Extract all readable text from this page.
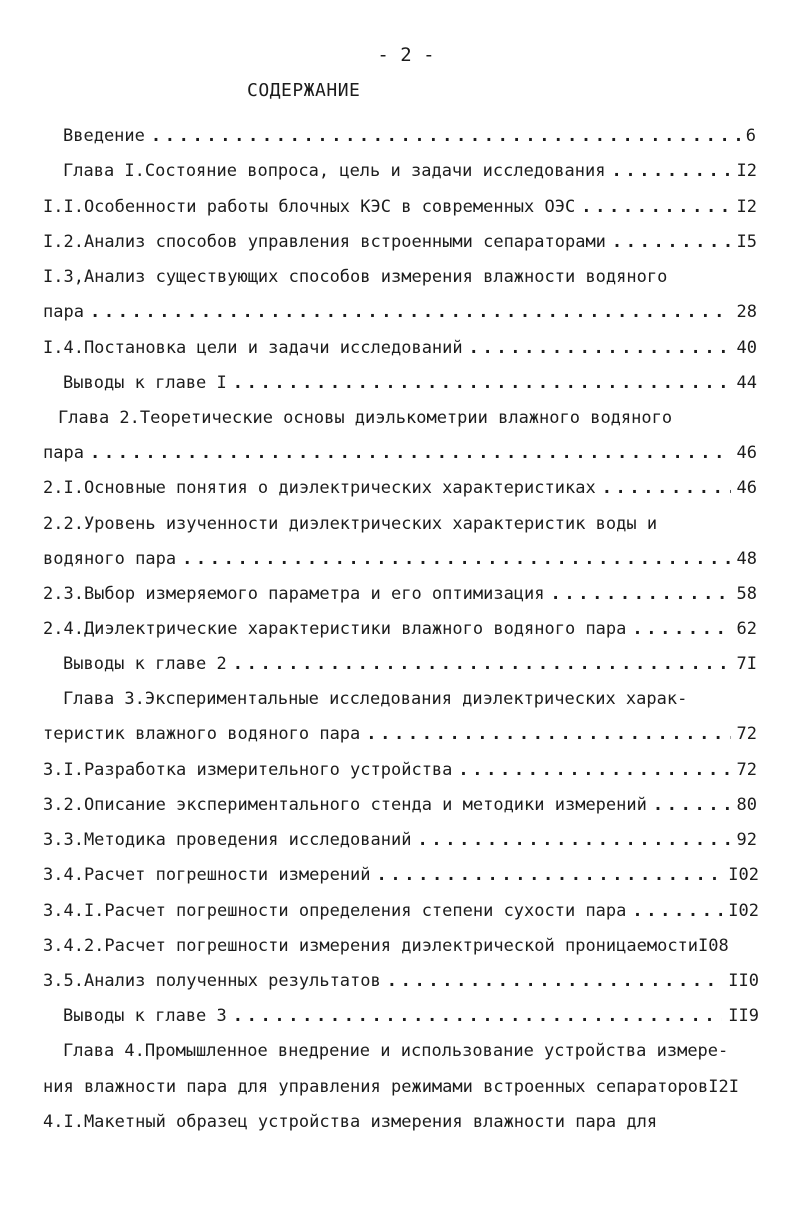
- 2 -
СОДЕРЖАНИЕ
Введение . . .	6
Глава I.Состояние вопроса, цель и задачи исследования . . .	I2
I.I.Особенности работы блочных КЭС в современных ОЭС . . .	I2
I.2.Анализ способов управления встроенными сепараторами . . .	I5
I.3,Анализ существующих способов измерения влажности водяного
пара . . .	28
I.4.Постановка цели и задачи исследований . . .	40
Выводы к главе I . . .	44
Глава 2.Теоретические основы диэлькометрии влажного водяного
пара . . .	46
2.I.Основные понятия о диэлектрических характеристиках . . .	46
2.2.Уровень изученности диэлектрических характеристик воды и
водяного пара . . .	48
2.3.Выбор измеряемого параметра и его оптимизация . . .	58
2.4.Диэлектрические характеристики влажного водяного пара . . .	62
Выводы к главе 2 . . .	7I
Глава 3.Экспериментальные исследования диэлектрических харак-
теристик влажного водяного пара . . .	72
3.I.Разработка измерительного устройства . . .	72
3.2.Описание экспериментального стенда и методики измерений . . .	80
3.3.Методика проведения исследований . . .	92
3.4.Расчет погрешности измерений . . .	I02
3.4.I.Расчет погрешности определения степени сухости пара . . .	I02
3.4.2.Расчет погрешности измерения диэлектрической проницаемостиI08
3.5.Анализ полученных результатов . . .	II0
Выводы к главе 3 . . .	II9
Глава 4.Промышленное внедрение и использование устройства измере-
ния влажности пара для управления режимами встроенных сепараторовI2I
4.I.Макетный образец устройства измерения влажности пара для
